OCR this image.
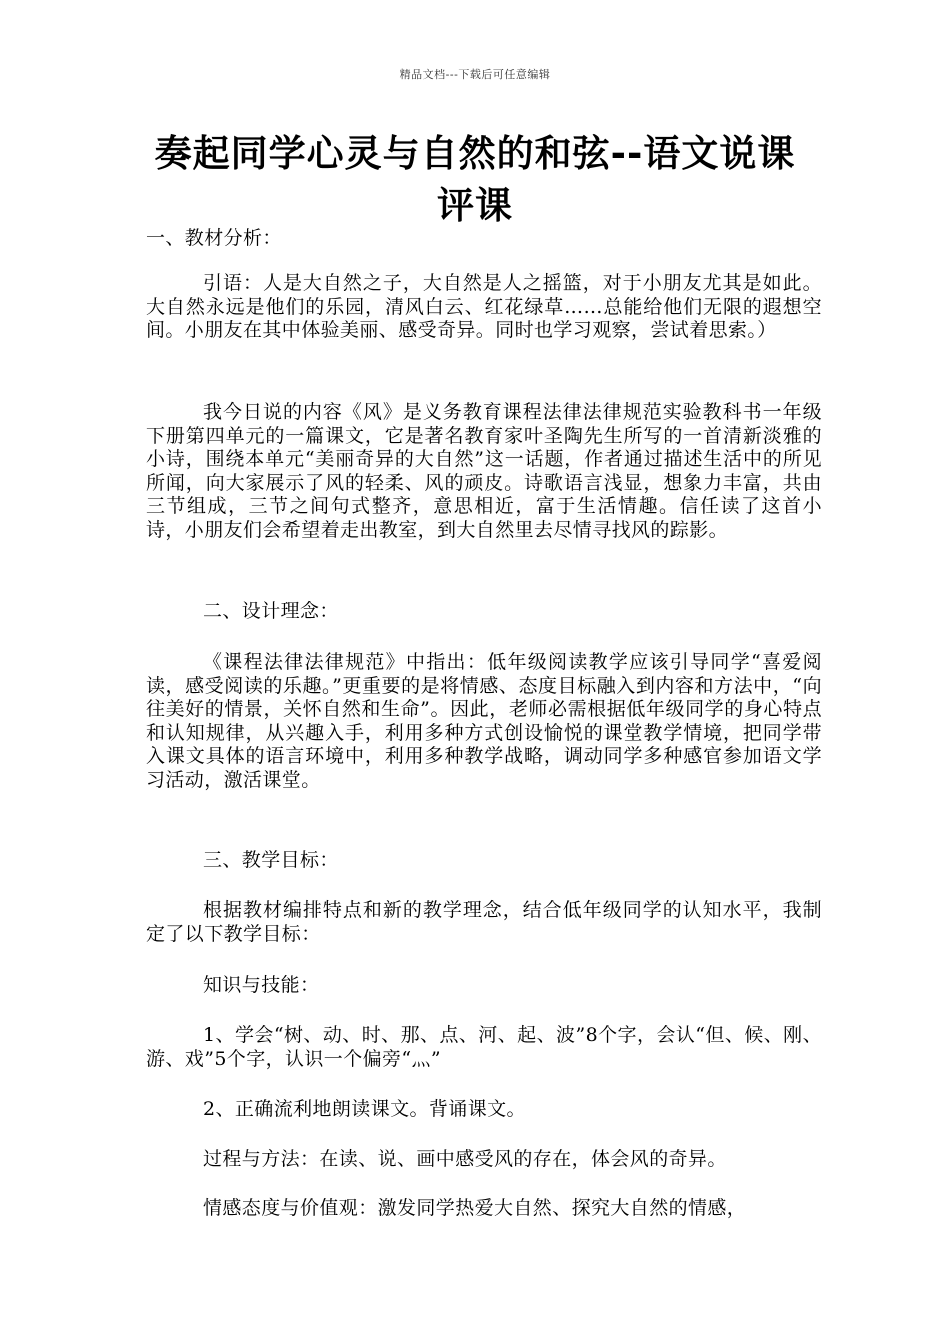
精品文档---下载后可任意编辑
奏起同学心灵与自然的和弦--语文说课评课

一、教材分析：

引语：人是大自然之子，大自然是人之摇篮，对于小朋友尤其是如此。大自然永远是他们的乐园，清风白云、红花绿草……总能给他们无限的遐想空间。小朋友在其中体验美丽、感受奇异。同时也学习观察，尝试着思索。）

我今日说的内容《风》是义务教育课程法律法律规范实验教科书一年级下册第四单元的一篇课文，它是著名教育家叶圣陶先生所写的一首清新淡雅的小诗，围绕本单元“美丽奇异的大自然”这一话题，作者通过描述生活中的所见所闻，向大家展示了风的轻柔、风的顽皮。诗歌语言浅显，想象力丰富，共由三节组成，三节之间句式整齐，意思相近，富于生活情趣。信任读了这首小诗，小朋友们会希望着走出教室，到大自然里去尽情寻找风的踪影。

二、设计理念：

《课程法律法律规范》中指出：低年级阅读教学应该引导同学“喜爱阅读，感受阅读的乐趣。”更重要的是将情感、态度目标融入到内容和方法中，“向往美好的情景，关怀自然和生命”。因此，老师必需根据低年级同学的身心特点和认知规律，从兴趣入手，利用多种方式创设愉悦的课堂教学情境，把同学带入课文具体的语言环境中，利用多种教学战略，调动同学多种感官参加语文学习活动，激活课堂。

三、教学目标：

根据教材编排特点和新的教学理念，结合低年级同学的认知水平，我制定了以下教学目标：

知识与技能：

1、学会“树、动、时、那、点、河、起、波”8个字，会认“但、候、刚、游、戏”5个字，认识一个偏旁“灬”

2、正确流利地朗读课文。背诵课文。

过程与方法：在读、说、画中感受风的存在，体会风的奇异。

情感态度与价值观：激发同学热爱大自然、探究大自然的情感，
